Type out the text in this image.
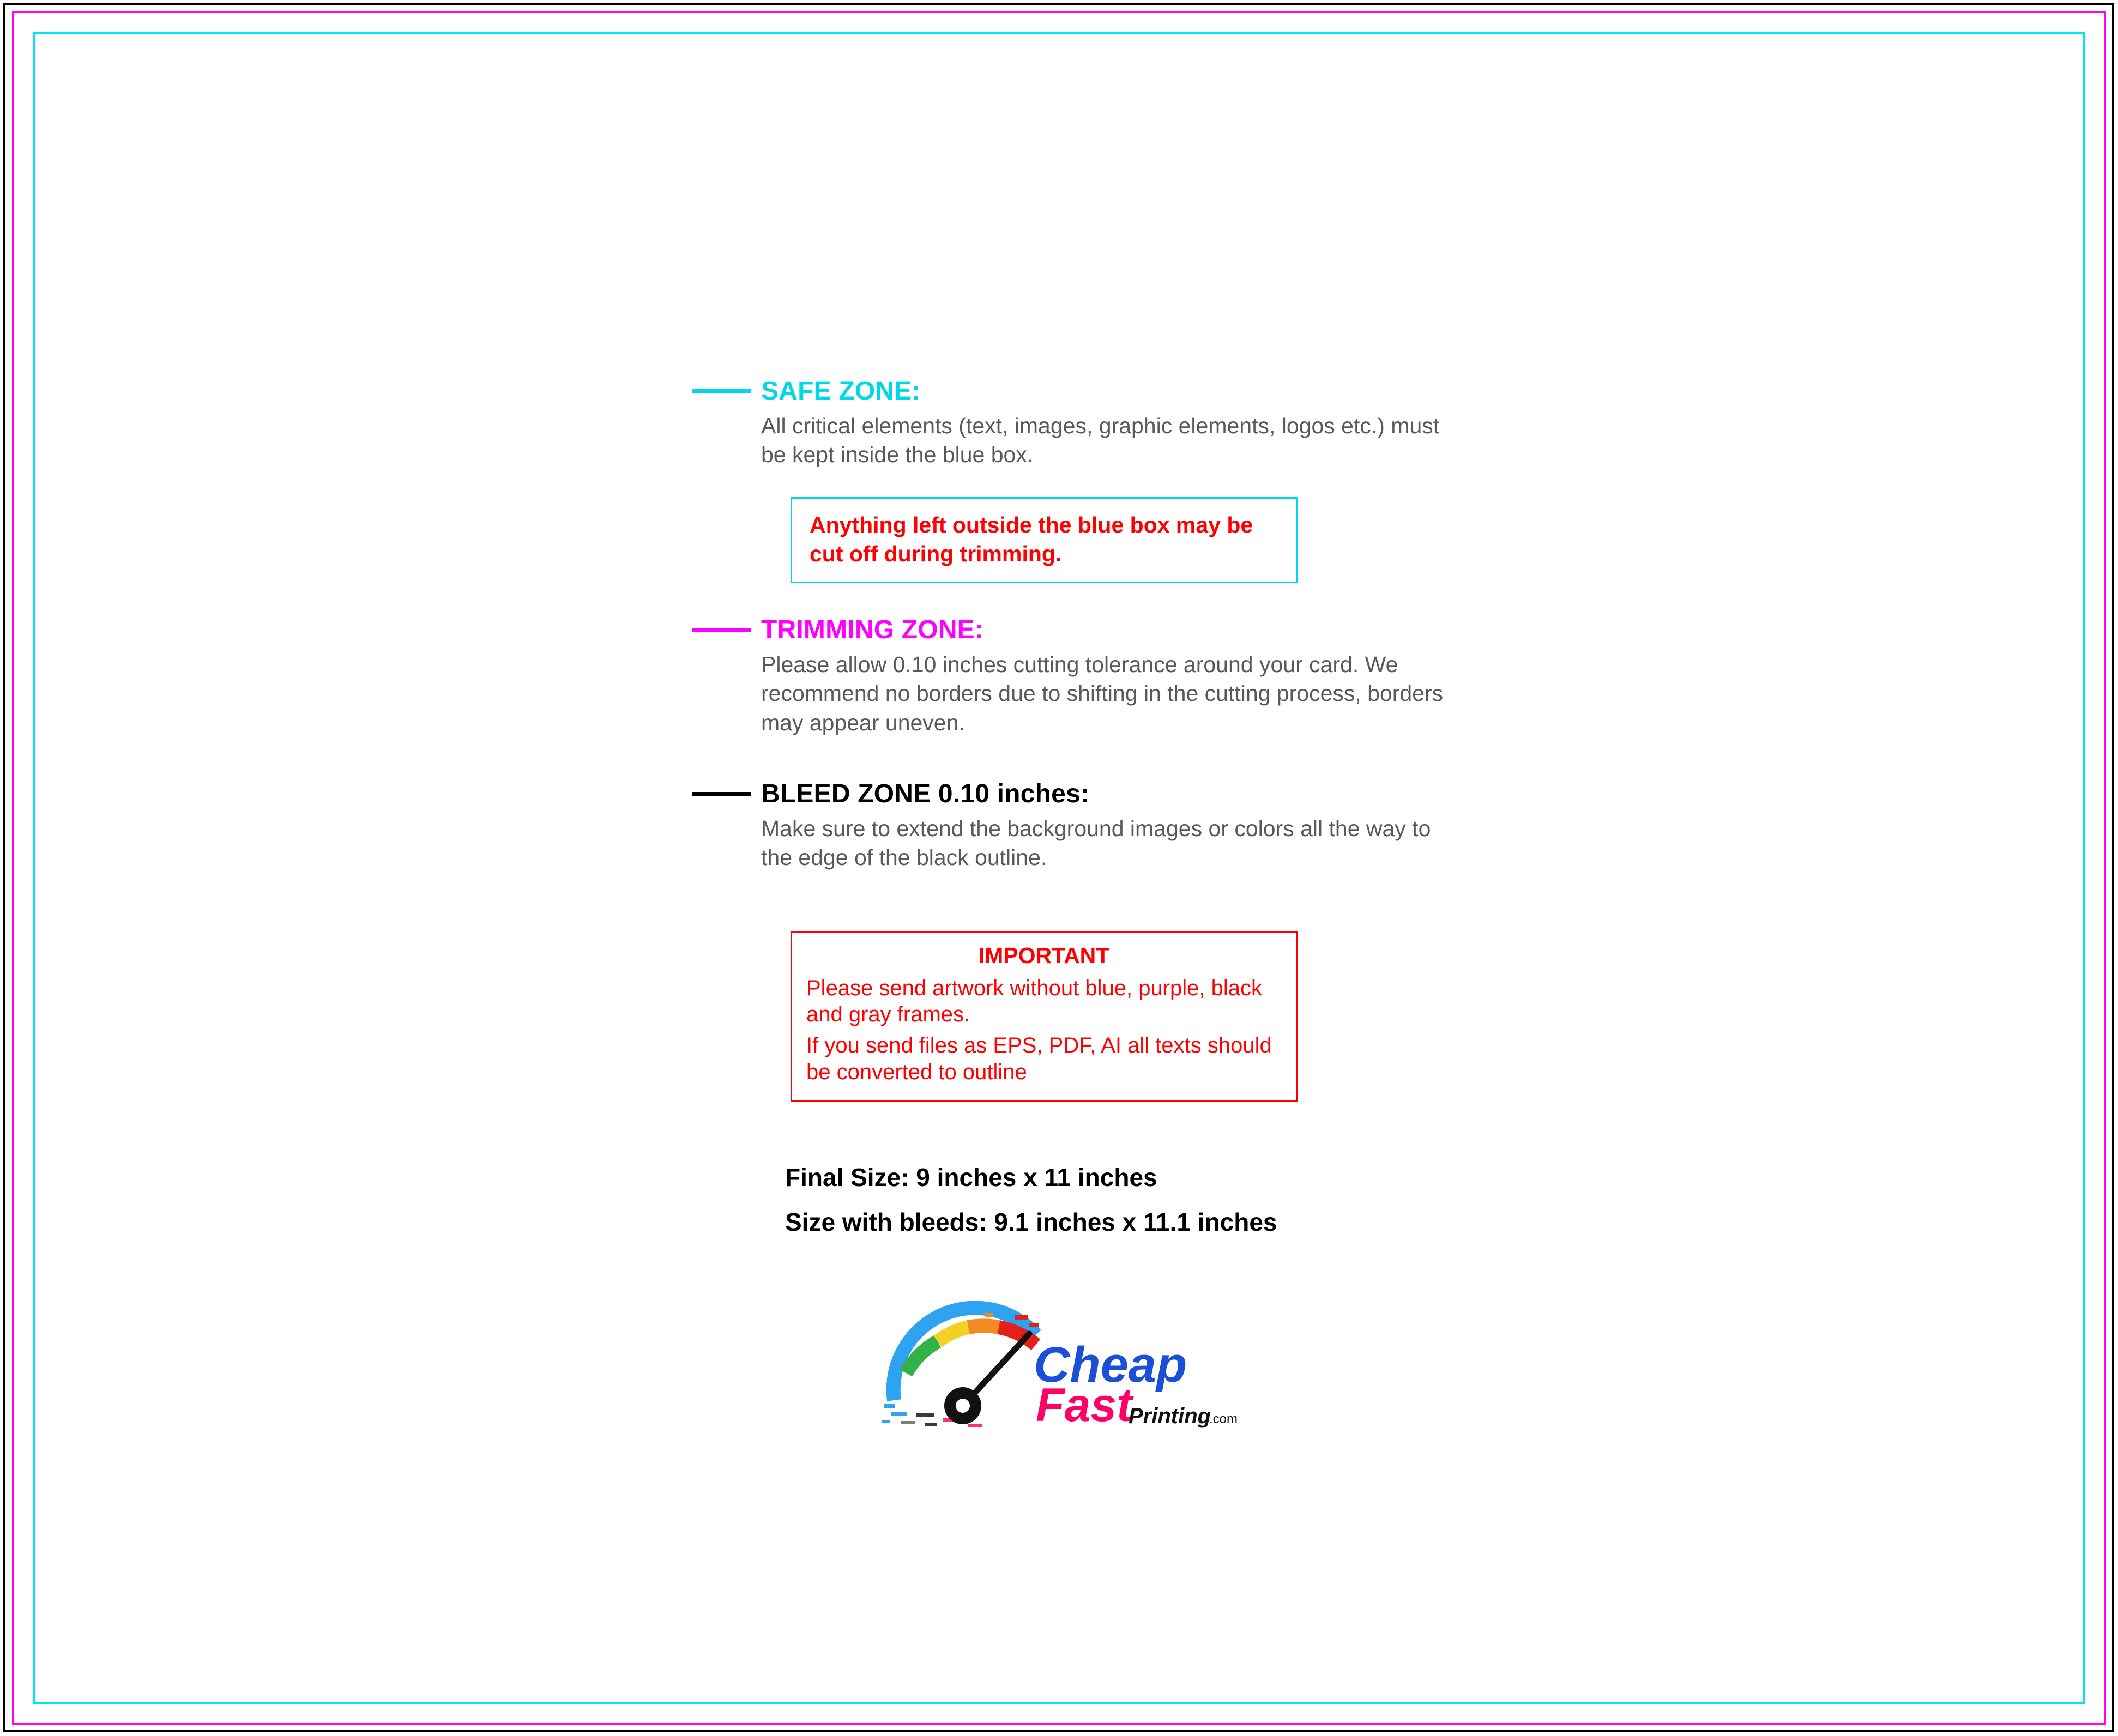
SAFE ZONE:
All critical elements (text, images, graphic elements, logos etc.) must be kept inside the blue box.

Anything left outside the blue box may be cut off during trimming.

TRIMMING ZONE:
Please allow 0.10 inches cutting tolerance around your card. We recommend no borders due to shifting in the cutting process, borders may appear uneven.
BLEED ZONE 0.10 inches:
Make sure to extend the background images or colors all the way to the edge of the black outline.

IMPORTANT

Please send artwork without blue, purple, black and gray frames.

If you send files as EPS, PDF, AI all texts should be converted to outline

Final Size: 9 inches x 11 inches
Size with bleeds: 9.1 inches x 11.1 inches
Cheap
Fast
Printing
.com
